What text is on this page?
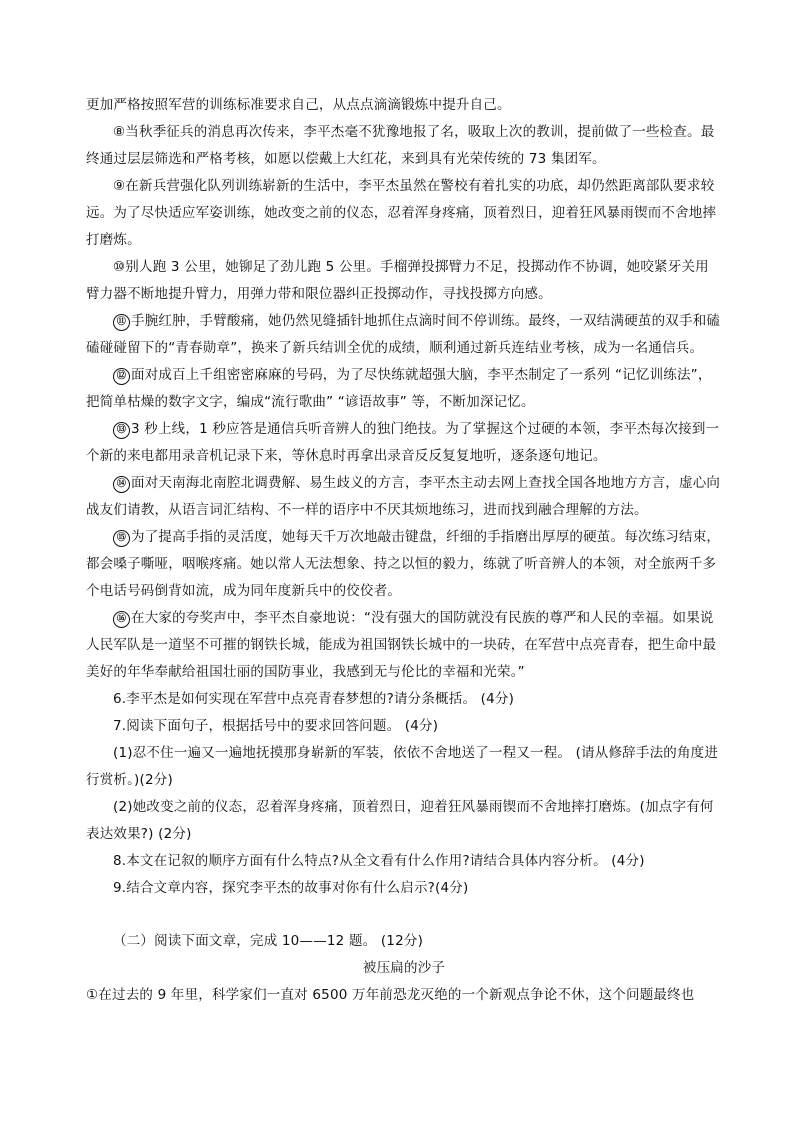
更加严格按照军营的训练标准要求自己，从点点滴滴锻炼中提升自己。

⑧当秋季征兵的消息再次传来，李平杰毫不犹豫地报了名，吸取上次的教训，提前做了一些检查。最终通过层层筛选和严格考核，如愿以偿戴上大红花，来到具有光荣传统的 73 集团军。

⑨在新兵营强化队列训练崭新的生活中，李平杰虽然在警校有着扎实的功底，却仍然距离部队要求较远。为了尽快适应军姿训练，她改变之前的仪态，忍着浑身疼痛，顶着烈日，迎着狂风暴雨锲而不舍地摔打磨炼。

⑩别人跑 3 公里，她铆足了劲儿跑 5 公里。手榴弹投掷臂力不足，投掷动作不协调，她咬紧牙关用臂力器不断地提升臂力，用弹力带和限位器纠正投掷动作，寻找投掷方向感。

⑪ 手腕红肿，手臂酸痛，她仍然见缝插针地抓住点滴时间不停训练。最终，一双结满硬茧的双手和磕磕碰碰留下的“青春勋章”，换来了新兵结训全优的成绩，顺利通过新兵连结业考核，成为一名通信兵。

⑫ 面对成百上千组密密麻麻的号码，为了尽快练就超强大脑，李平杰制定了一系列 “记忆训练法”，把简单枯燥的数字文字，编成“流行歌曲” “谚语故事” 等，不断加深记忆。

⑬ 3 秒上线，1 秒应答是通信兵听音辨人的独门绝技。为了掌握这个过硬的本领，李平杰每次接到一个新的来电都用录音机记录下来，等休息时再拿出录音反反复复地听，逐条逐句地记。

⑭ 面对天南海北南腔北调费解、易生歧义的方言，李平杰主动去网上查找全国各地地方方言，虚心向战友们请教，从语言词汇结构、不一样的语序中不厌其烦地练习，进而找到融合理解的方法。

⑮ 为了提高手指的灵活度，她每天千万次地敲击键盘，纤细的手指磨出厚厚的硬茧。每次练习结束，都会嗓子嘶哑，咽喉疼痛。她以常人无法想象、持之以恒的毅力，练就了听音辨人的本领，对全旅两千多个电话号码倒背如流，成为同年度新兵中的佼佼者。

⑯ 在大家的夸奖声中，李平杰自豪地说：“没有强大的国防就没有民族的尊严和人民的幸福。如果说人民军队是一道坚不可摧的钢铁长城，能成为祖国钢铁长城中的一块砖，在军营中点亮青春，把生命中最美好的年华奉献给祖国壮丽的国防事业，我感到无与伦比的幸福和光荣。”

6.李平杰是如何实现在军营中点亮青春梦想的?请分条概括。 (4分)

7.阅读下面句子，根据括号中的要求回答问题。 (4分)

(1)忍不住一遍又一遍地抚摸那身崭新的军装，依依不舍地送了一程又一程。 (请从修辞手法的角度进行赏析。)(2分)

(2)她改变之前的仪态，忍着浑身疼痛，顶着烈日，迎着狂风暴雨锲而不舍地摔打磨炼。(加点字有何表达效果?) (2分)

8.本文在记叙的顺序方面有什么特点?从全文看有什么作用?请结合具体内容分析。 (4分)

9.结合文章内容，探究李平杰的故事对你有什么启示?(4分)

（二）阅读下面文章，完成 10——12 题。 (12分)

被压扁的沙子

①在过去的 9 年里，科学家们一直对 6500 万年前恐龙灭绝的一个新观点争论不休，这个问题最终也
